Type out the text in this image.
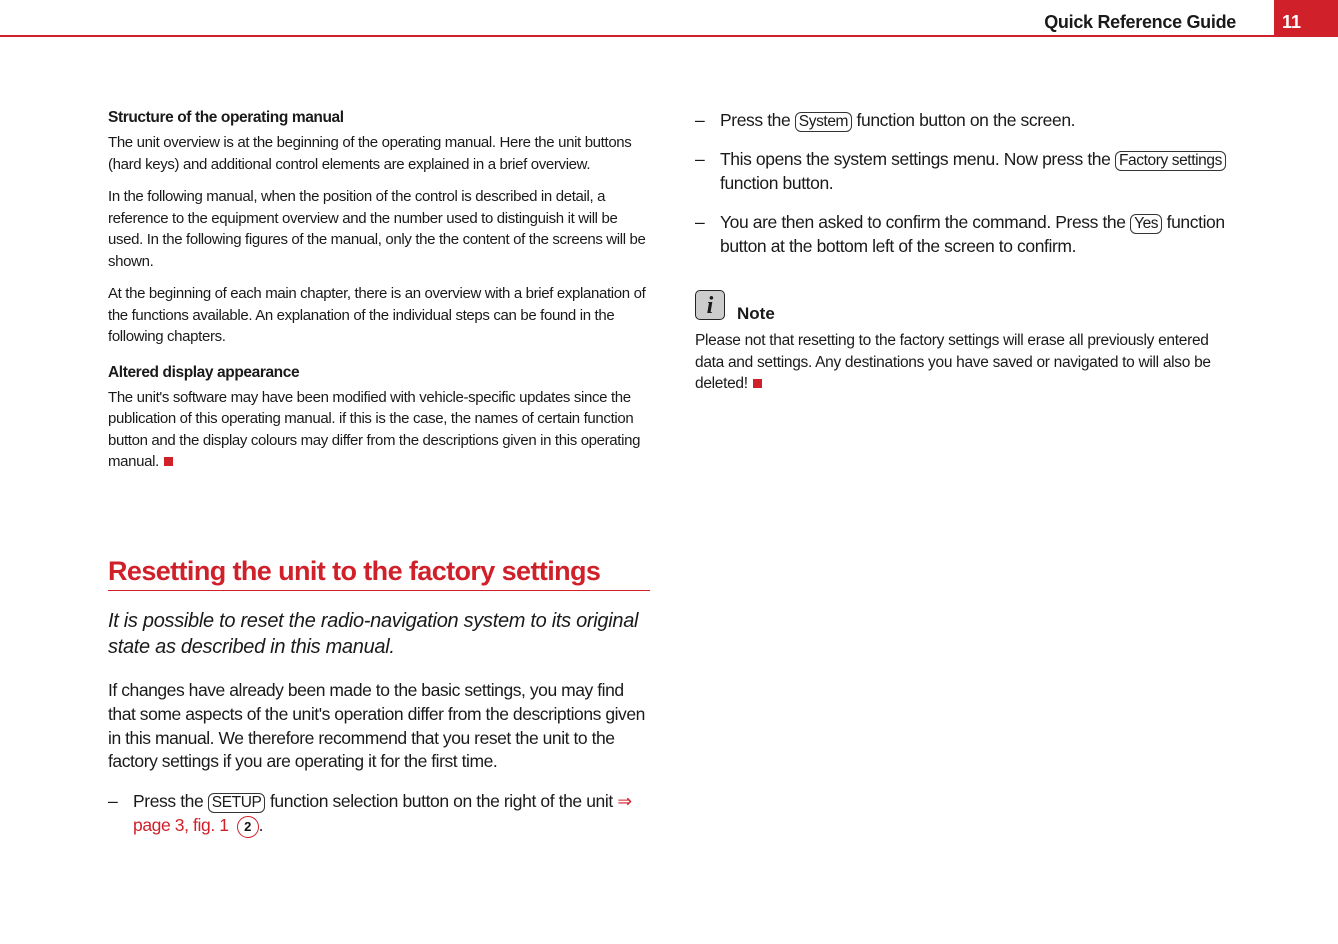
Quick Reference Guide	11
Structure of the operating manual

The unit overview is at the beginning of the operating manual. Here the unit buttons (hard keys) and additional control elements are explained in a brief overview.

In the following manual, when the position of the control is described in detail, a reference to the equipment overview and the number used to distinguish it will be used. In the following figures of the manual, only the the content of the screens will be shown.

At the beginning of each main chapter, there is an overview with a brief explanation of the functions available. An explanation of the individual steps can be found in the following chapters.

Altered display appearance

The unit's software may have been modified with vehicle-specific updates since the publication of this operating manual. if this is the case, the names of certain function button and the display colours may differ from the descriptions given in this operating manual.

Resetting the unit to the factory settings
It is possible to reset the radio-navigation system to its original state as described in this manual.

If changes have already been made to the basic settings, you may find that some aspects of the unit's operation differ from the descriptions given in this manual. We therefore recommend that you reset the unit to the factory settings if you are operating it for the first time.

– Press the SETUP function selection button on the right of the unit ⇒ page 3, fig. 1 2 .
– Press the System function button on the screen.
– This opens the system settings menu. Now press the Factory settings function button.
– You are then asked to confirm the command. Press the Yes function button at the bottom left of the screen to confirm.
i	Note
Please not that resetting to the factory settings will erase all previously entered data and settings. Any destinations you have saved or navigated to will also be deleted!
